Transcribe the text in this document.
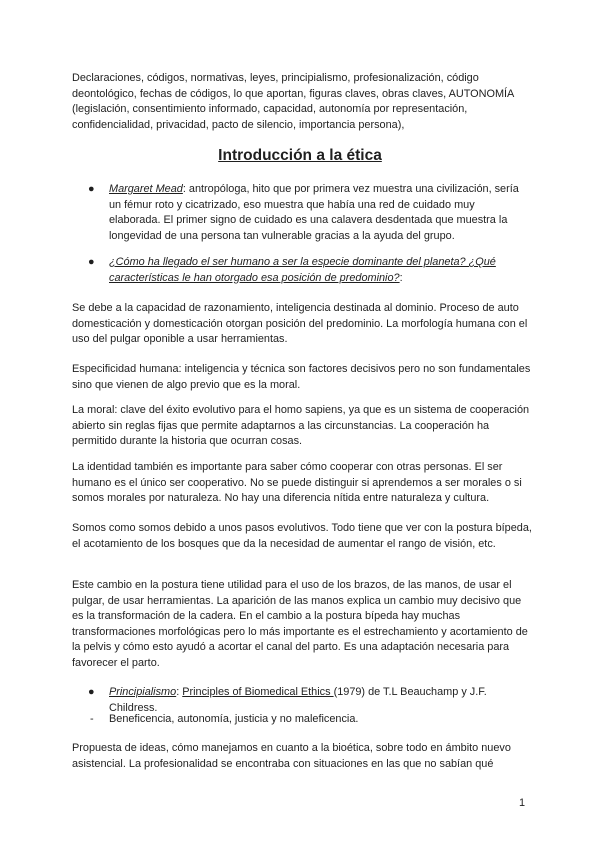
Declaraciones, códigos, normativas, leyes, principialismo, profesionalización, código deontológico, fechas de códigos, lo que aportan, figuras claves, obras claves, AUTONOMÍA (legislación, consentimiento informado, capacidad, autonomía por representación, confidencialidad, privacidad, pacto de silencio, importancia persona),

Introducción a la ética
● Margaret Mead: antropóloga, hito que por primera vez muestra una civilización, sería un fémur roto y cicatrizado, eso muestra que había una red de cuidado muy elaborada. El primer signo de cuidado es una calavera desdentada que muestra la longevidad de una persona tan vulnerable gracias a la ayuda del grupo.

● ¿Cómo ha llegado el ser humano a ser la especie dominante del planeta? ¿Qué características le han otorgado esa posición de predominio?:

Se debe a la capacidad de razonamiento, inteligencia destinada al dominio. Proceso de auto domesticación y domesticación otorgan posición del predominio. La morfología humana con el uso del pulgar oponible a usar herramientas.

Especificidad humana: inteligencia y técnica son factores decisivos pero no son fundamentales sino que vienen de algo previo que es la moral.

La moral: clave del éxito evolutivo para el homo sapiens, ya que es un sistema de cooperación abierto sin reglas fijas que permite adaptarnos a las circunstancias. La cooperación ha permitido durante la historia que ocurran cosas.

La identidad también es importante para saber cómo cooperar con otras personas. El ser humano es el único ser cooperativo. No se puede distinguir si aprendemos a ser morales o si somos morales por naturaleza. No hay una diferencia nítida entre naturaleza y cultura.

Somos como somos debido a unos pasos evolutivos. Todo tiene que ver con la postura bípeda, el acotamiento de los bosques que da la necesidad de aumentar el rango de visión, etc.

Este cambio en la postura tiene utilidad para el uso de los brazos, de las manos, de usar el pulgar, de usar herramientas. La aparición de las manos explica un cambio muy decisivo que es la transformación de la cadera. En el cambio a la postura bípeda hay muchas transformaciones morfológicas pero lo más importante es el estrechamiento y acortamiento de la pelvis y cómo esto ayudó a acortar el canal del parto. Es una adaptación necesaria para favorecer el parto.

● Principialismo: Principles of Biomedical Ethics (1979) de T.L Beauchamp y J.F. Childress.

- Beneficencia, autonomía, justicia y no maleficencia.

Propuesta de ideas, cómo manejamos en cuanto a la bioética, sobre todo en ámbito nuevo asistencial. La profesionalidad se encontraba con situaciones en las que no sabían qué

1
